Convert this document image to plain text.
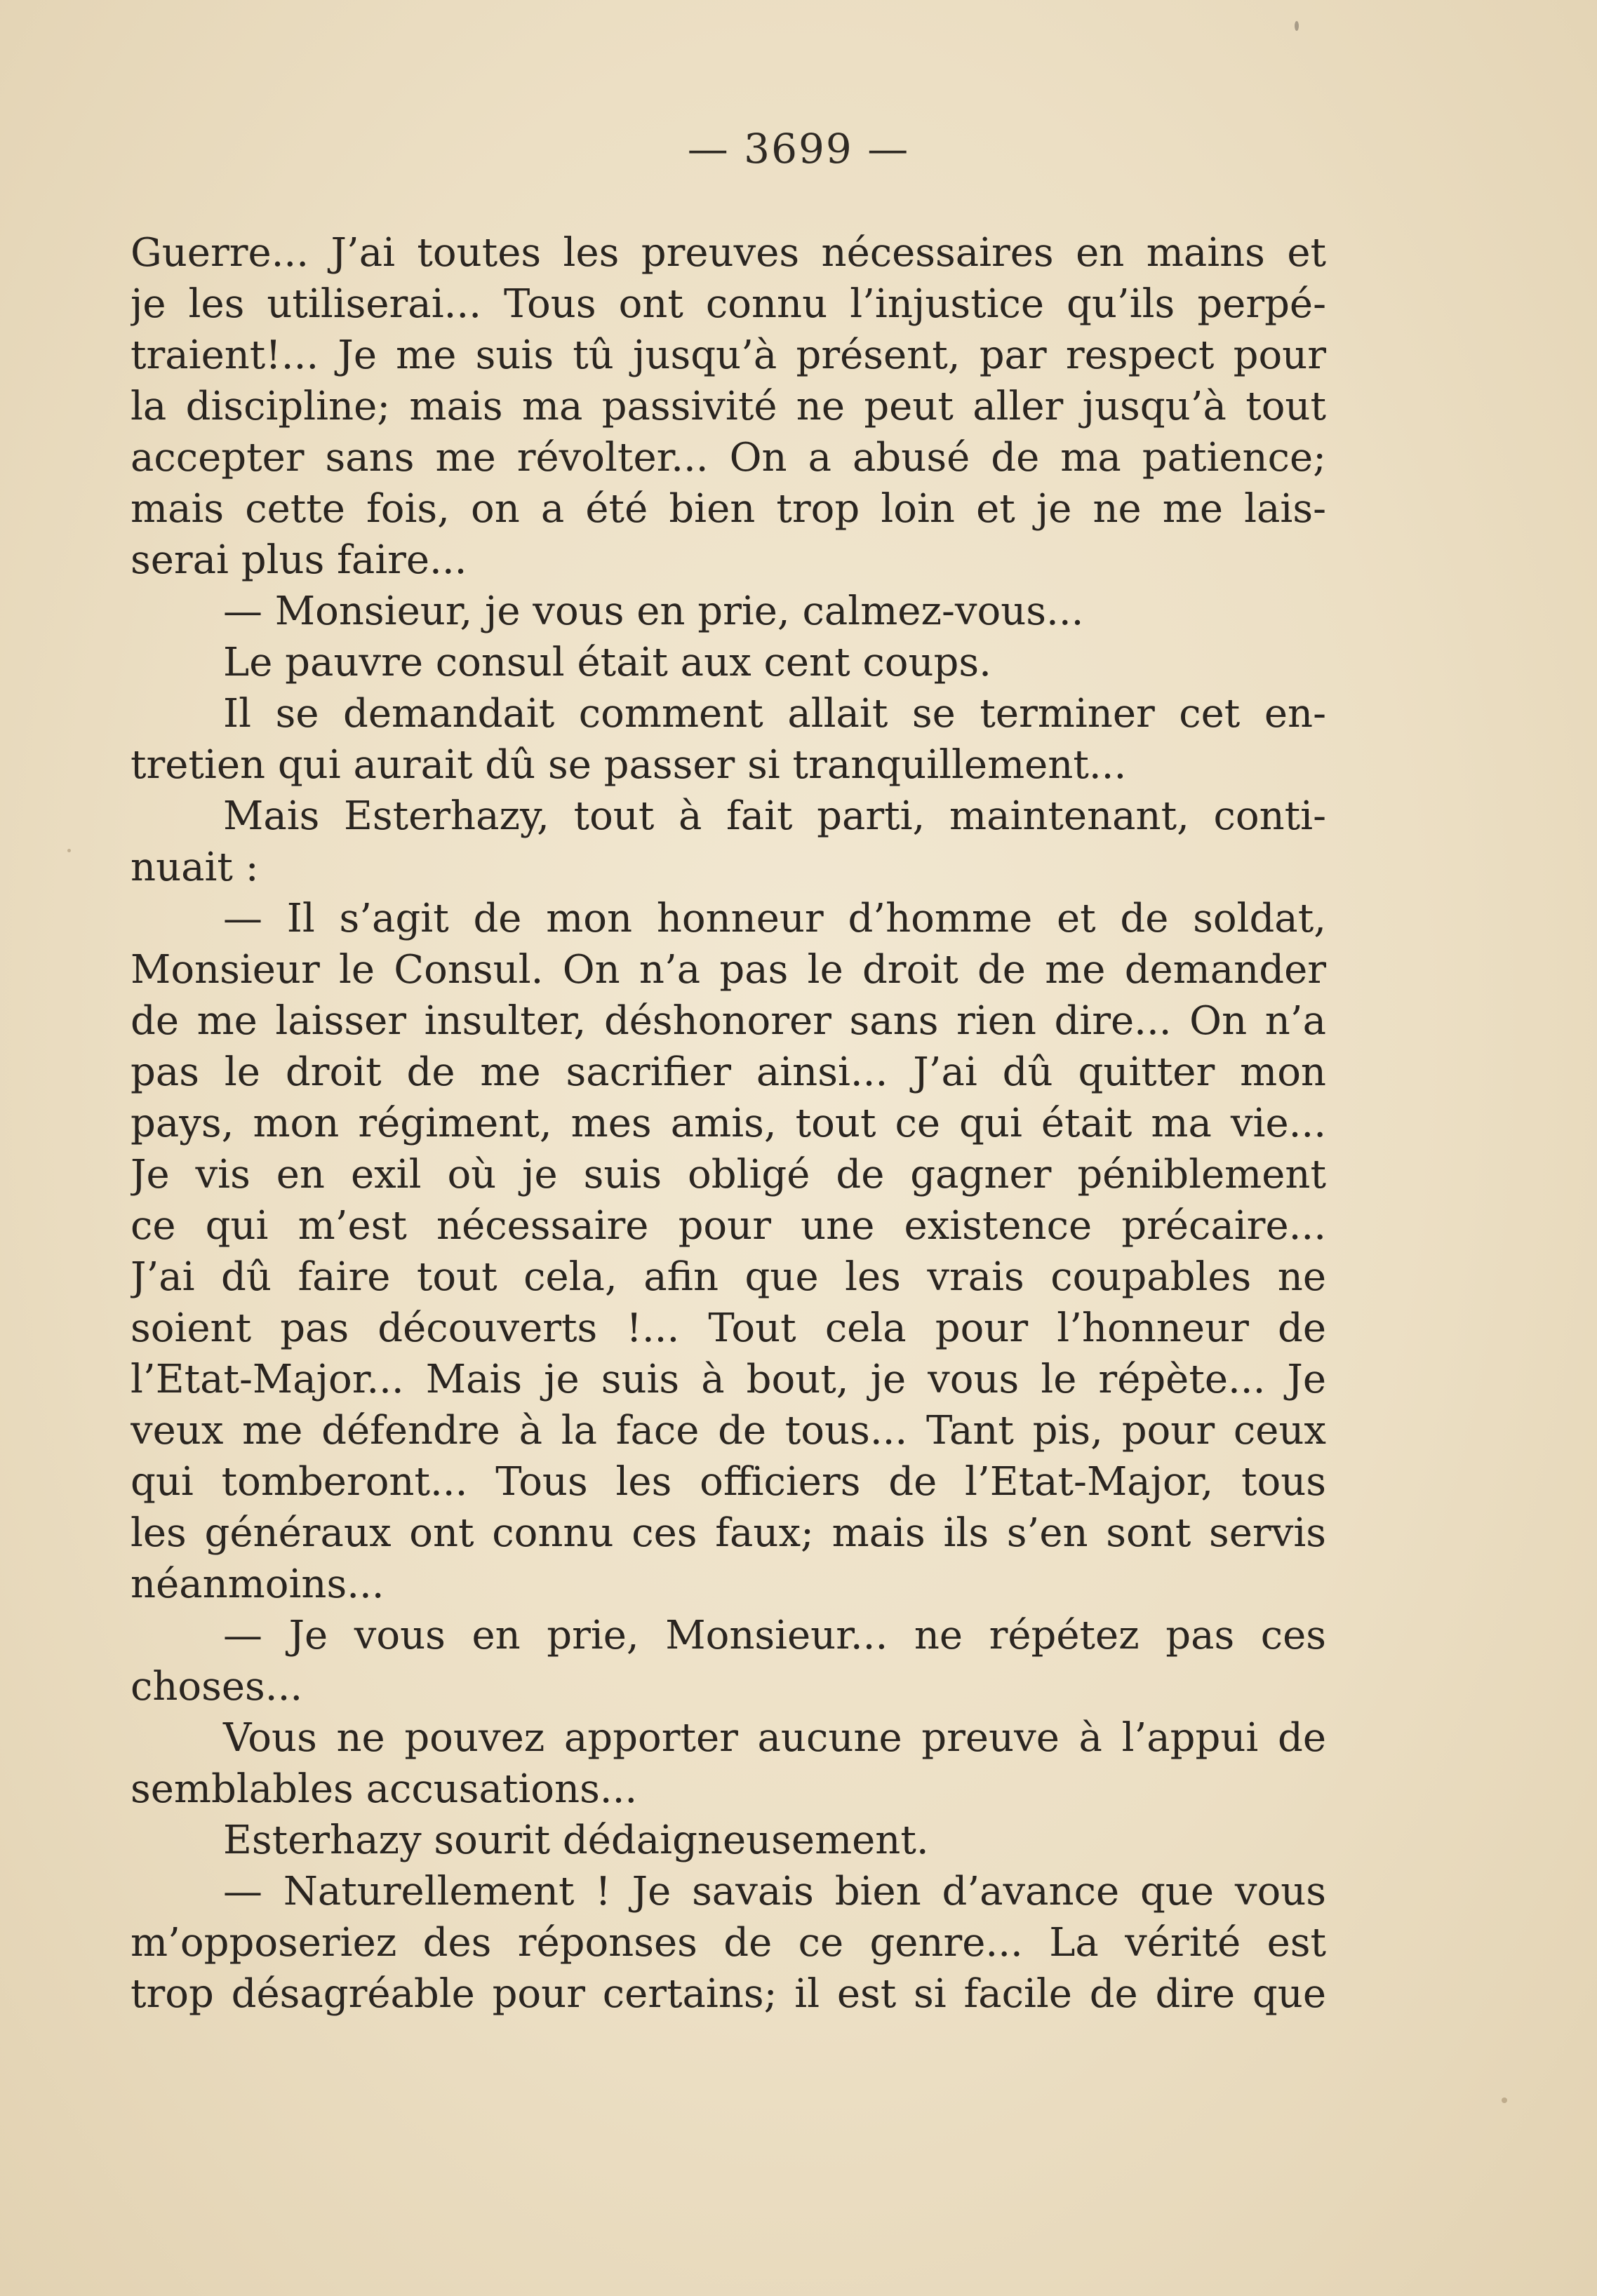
— 3699 —
Guerre... J’ai toutes les preuves nécessaires en mains et
je les utiliserai... Tous ont connu l’injustice qu’ils perpé-
traient!... Je me suis tû jusqu’à présent, par respect pour
la discipline; mais ma passivité ne peut aller jusqu’à tout
accepter sans me révolter... On a abusé de ma patience;
mais cette fois, on a été bien trop loin et je ne me lais-
serai plus faire...
— Monsieur, je vous en prie, calmez-vous...
Le pauvre consul était aux cent coups.
Il se demandait comment allait se terminer cet en-
tretien qui aurait dû se passer si tranquillement...
Mais Esterhazy, tout à fait parti, maintenant, conti-
nuait :
— Il s’agit de mon honneur d’homme et de soldat,
Monsieur le Consul. On n’a pas le droit de me demander
de me laisser insulter, déshonorer sans rien dire... On n’a
pas le droit de me sacrifier ainsi... J’ai dû quitter mon
pays, mon régiment, mes amis, tout ce qui était ma vie...
Je vis en exil où je suis obligé de gagner péniblement
ce qui m’est nécessaire pour une existence précaire...
J’ai dû faire tout cela, afin que les vrais coupables ne
soient pas découverts !... Tout cela pour l’honneur de
l’Etat-Major... Mais je suis à bout, je vous le répète... Je
veux me défendre à la face de tous... Tant pis, pour ceux
qui tomberont... Tous les officiers de l’Etat-Major, tous
les généraux ont connu ces faux; mais ils s’en sont servis
néanmoins...
— Je vous en prie, Monsieur... ne répétez pas ces
choses...
Vous ne pouvez apporter aucune preuve à l’appui de
semblables accusations...
Esterhazy sourit dédaigneusement.
— Naturellement ! Je savais bien d’avance que vous
m’opposeriez des réponses de ce genre... La vérité est
trop désagréable pour certains; il est si facile de dire que
